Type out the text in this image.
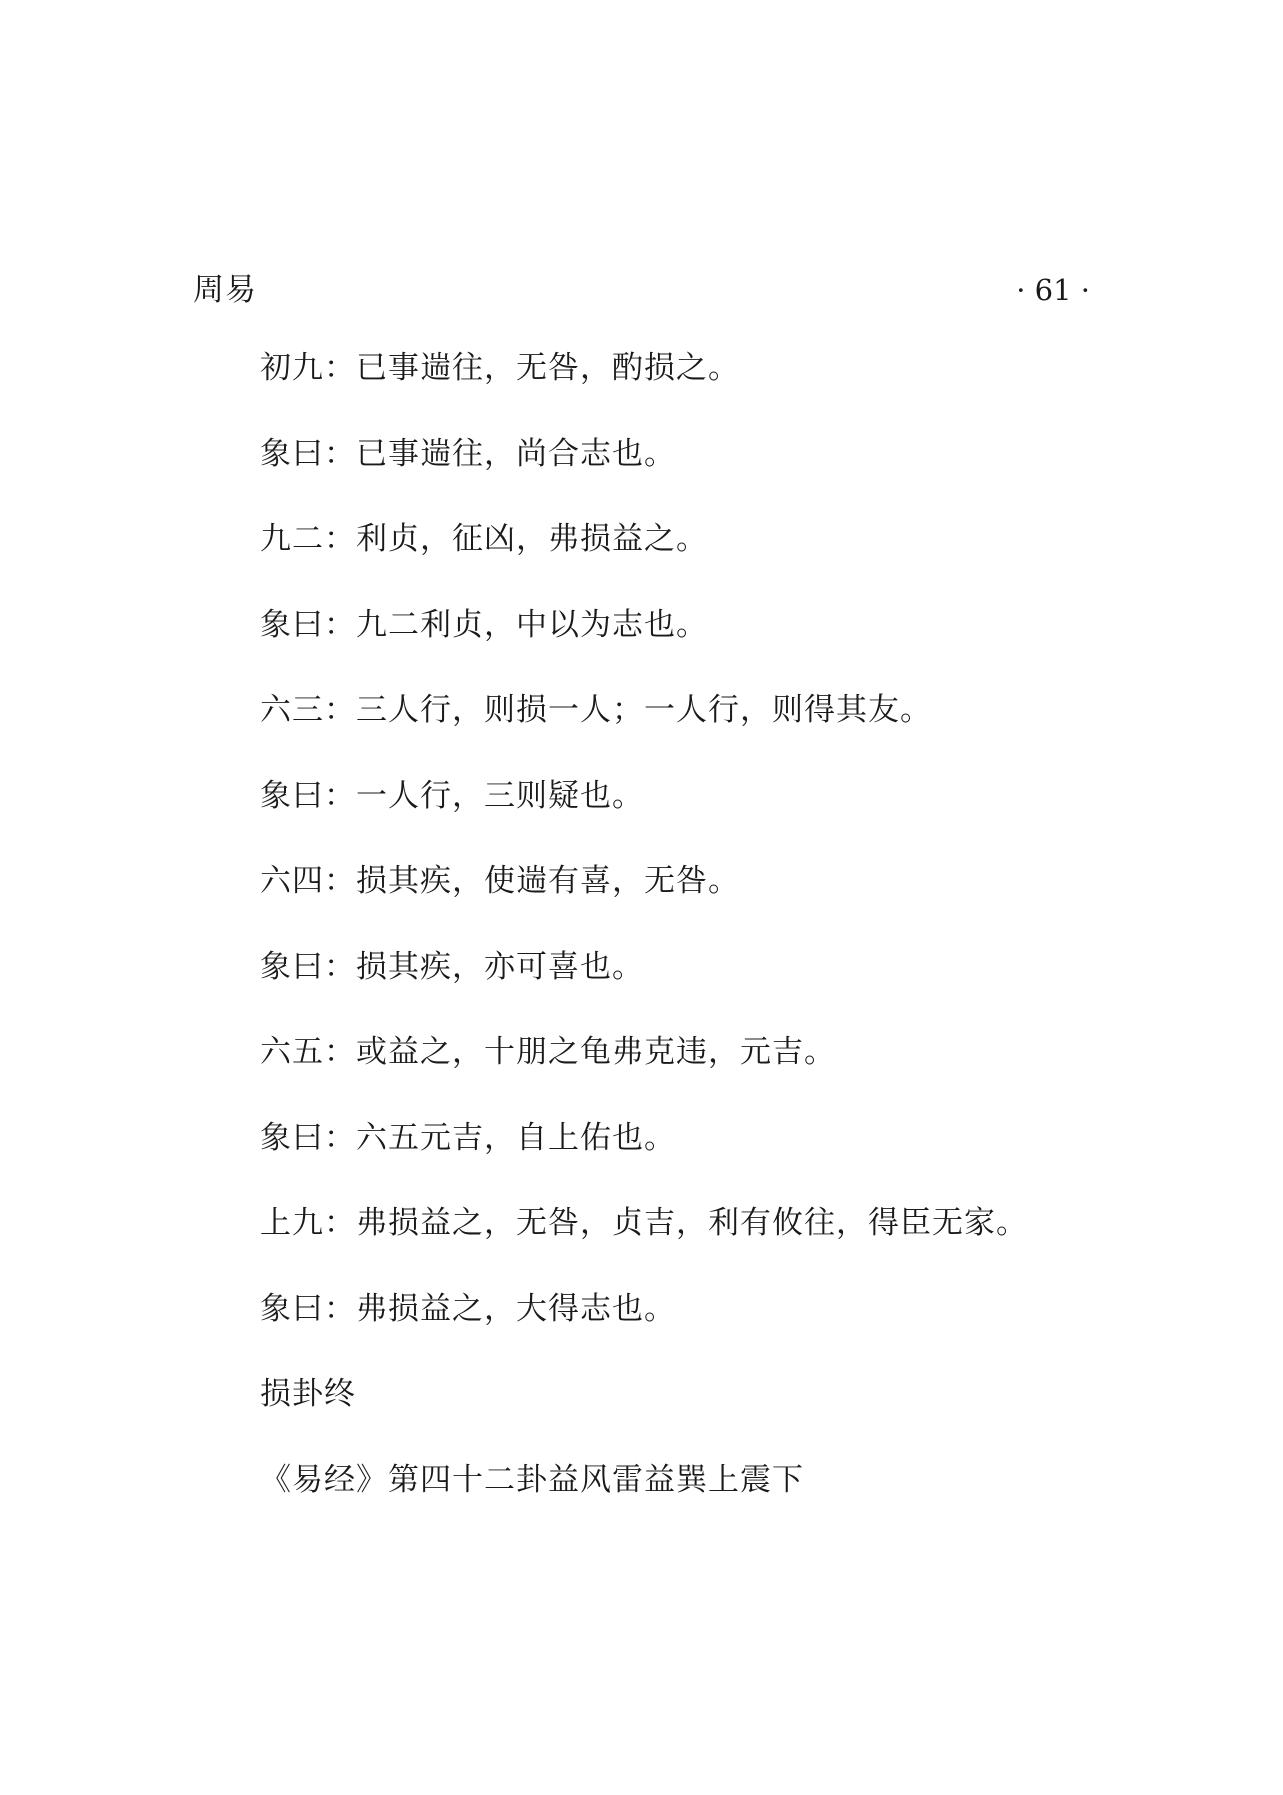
周易	· 61 ·
初九：已事遄往，无咎，酌损之。
象曰：已事遄往，尚合志也。
九二：利贞，征凶，弗损益之。
象曰：九二利贞，中以为志也。
六三：三人行，则损一人；一人行，则得其友。
象曰：一人行，三则疑也。
六四：损其疾，使遄有喜，无咎。
象曰：损其疾，亦可喜也。
六五：或益之，十朋之龟弗克违，元吉。
象曰：六五元吉，自上佑也。
上九：弗损益之，无咎，贞吉，利有攸往，得臣无家。
象曰：弗损益之，大得志也。
损卦终
《易经》第四十二卦益风雷益巽上震下
